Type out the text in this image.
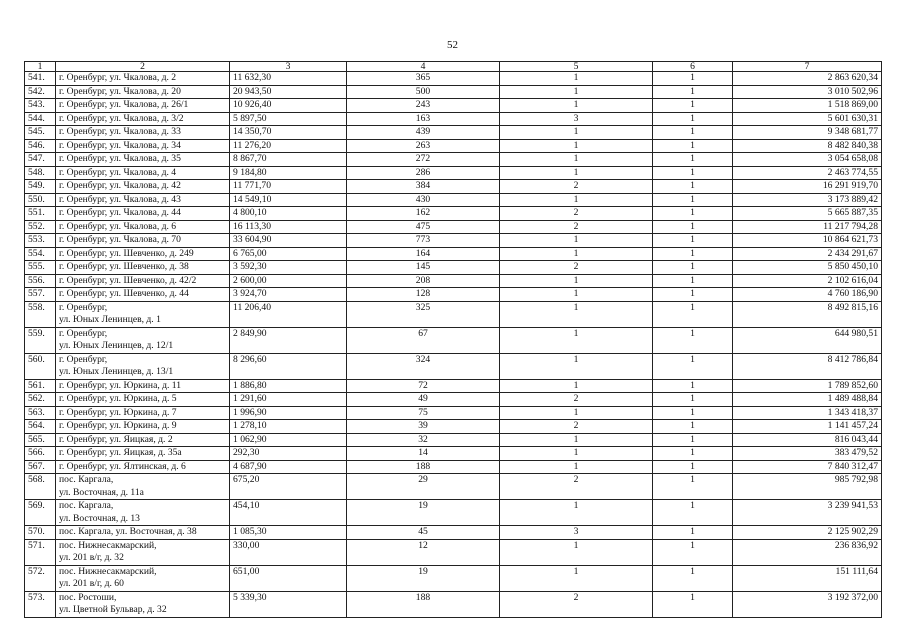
52
1	2	3	4	5	6	7
541.	г. Оренбург, ул. Чкалова, д. 2	11 632,30	365	1	1	2 863 620,34
542.	г. Оренбург, ул. Чкалова, д. 20	20 943,50	500	1	1	3 010 502,96
543.	г. Оренбург, ул. Чкалова, д. 26/1	10 926,40	243	1	1	1 518 869,00
544.	г. Оренбург, ул. Чкалова, д. 3/2	5 897,50	163	3	1	5 601 630,31
545.	г. Оренбург, ул. Чкалова, д. 33	14 350,70	439	1	1	9 348 681,77
546.	г. Оренбург, ул. Чкалова, д. 34	11 276,20	263	1	1	8 482 840,38
547.	г. Оренбург, ул. Чкалова, д. 35	8 867,70	272	1	1	3 054 658,08
548.	г. Оренбург, ул. Чкалова, д. 4	9 184,80	286	1	1	2 463 774,55
549.	г. Оренбург, ул. Чкалова, д. 42	11 771,70	384	2	1	16 291 919,70
550.	г. Оренбург, ул. Чкалова, д. 43	14 549,10	430	1	1	3 173 889,42
551.	г. Оренбург, ул. Чкалова, д. 44	4 800,10	162	2	1	5 665 887,35
552.	г. Оренбург, ул. Чкалова, д. 6	16 113,30	475	2	1	11 217 794,28
553.	г. Оренбург, ул. Чкалова, д. 70	33 604,90	773	1	1	10 864 621,73
554.	г. Оренбург, ул. Шевченко, д. 249	6 765,00	164	1	1	2 434 291,67
555.	г. Оренбург, ул. Шевченко, д. 38	3 592,30	145	2	1	5 850 450,10
556.	г. Оренбург, ул. Шевченко, д. 42/2	2 600,00	208	1	1	2 102 616,04
557.	г. Оренбург, ул. Шевченко, д. 44	3 924,70	128	1	1	4 760 186,90
558.	г. Оренбург,
ул. Юных Ленинцев, д. 1	11 206,40	325	1	1	8 492 815,16
559.	г. Оренбург,
ул. Юных Ленинцев, д. 12/1	2 849,90	67	1	1	644 980,51
560.	г. Оренбург,
ул. Юных Ленинцев, д. 13/1	8 296,60	324	1	1	8 412 786,84
561.	г. Оренбург, ул. Юркина, д. 11	1 886,80	72	1	1	1 789 852,60
562.	г. Оренбург, ул. Юркина, д. 5	1 291,60	49	2	1	1 489 488,84
563.	г. Оренбург, ул. Юркина, д. 7	1 996,90	75	1	1	1 343 418,37
564.	г. Оренбург, ул. Юркина, д. 9	1 278,10	39	2	1	1 141 457,24
565.	г. Оренбург, ул. Яицкая, д. 2	1 062,90	32	1	1	816 043,44
566.	г. Оренбург, ул. Яицкая, д. 35а	292,30	14	1	1	383 479,52
567.	г. Оренбург, ул. Ялтинская, д. 6	4 687,90	188	1	1	7 840 312,47
568.	пос. Каргала,
ул. Восточная, д. 11а	675,20	29	2	1	985 792,98
569.	пос. Каргала,
ул. Восточная, д. 13	454,10	19	1	1	3 239 941,53
570.	пос. Каргала, ул. Восточная, д. 38	1 085,30	45	3	1	2 125 902,29
571.	пос. Нижнесакмарский,
ул. 201 в/г, д. 32	330,00	12	1	1	236 836,92
572.	пос. Нижнесакмарский,
ул. 201 в/г, д. 60	651,00	19	1	1	151 111,64
573.	пос. Ростоши,
ул. Цветной Бульвар, д. 32	5 339,30	188	2	1	3 192 372,00
